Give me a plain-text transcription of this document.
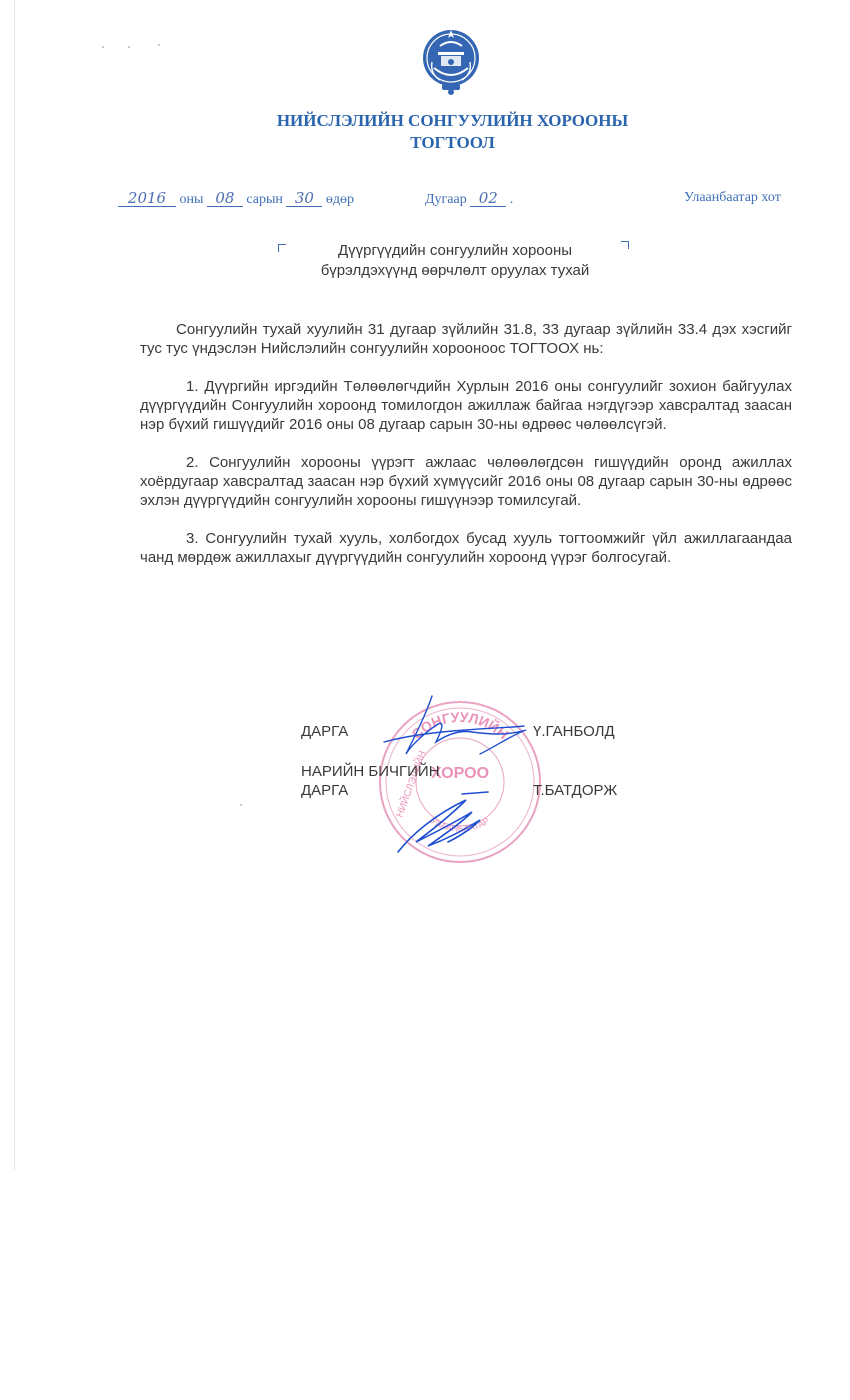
НИЙСЛЭЛИЙН СОНГУУЛИЙН ХОРООНЫ
ТОГТООЛ
2016 оны 08 сарын 30 өдөр	Дугаар 02 .	Улаанбаатар хот
Дүүргүүдийн сонгуулийн хорооны
бүрэлдэхүүнд өөрчлөлт оруулах тухай

Сонгуулийн тухай хуулийн 31 дугаар зүйлийн 31.8, 33 дугаар зүйлийн 33.4 дэх хэсгийг тус тус үндэслэн Нийслэлийн сонгуулийн хорооноос ТОГТООХ нь:

1. Дүүргийн иргэдийн Төлөөлөгчдийн Хурлын 2016 оны сонгуулийг зохион байгуулах дүүргүүдийн Сонгуулийн хороонд томилогдон ажиллаж байгаа нэгдүгээр хавсралтад заасан нэр бүхий гишүүдийг 2016 оны 08 дугаар сарын 30-ны өдрөөс чөлөөлсүгэй.

2. Сонгуулийн хорооны үүрэгт ажлаас чөлөөлөгдсөн гишүүдийн оронд ажиллах хоёрдугаар хавсралтад заасан нэр бүхий хүмүүсийг 2016 оны 08 дугаар сарын 30-ны өдрөөс эхлэн дүүргүүдийн сонгуулийн хорооны гишүүнээр томилсугай.

3. Сонгуулийн тухай хууль, холбогдох бусад хууль тогтоомжийг үйл ажиллагаандаа чанд мөрдөж ажиллахыг дүүргүүдийн сонгуулийн хороонд үүрэг болгосугай.

СОНГУУЛИЙН
УЛААНБААТАР
ХОРОО
НИЙСЛЭЛИЙН
ДАРГА	Ү.ГАНБОЛД
НАРИЙН БИЧГИЙН
ДАРГА	Т.БАТДОРЖ
